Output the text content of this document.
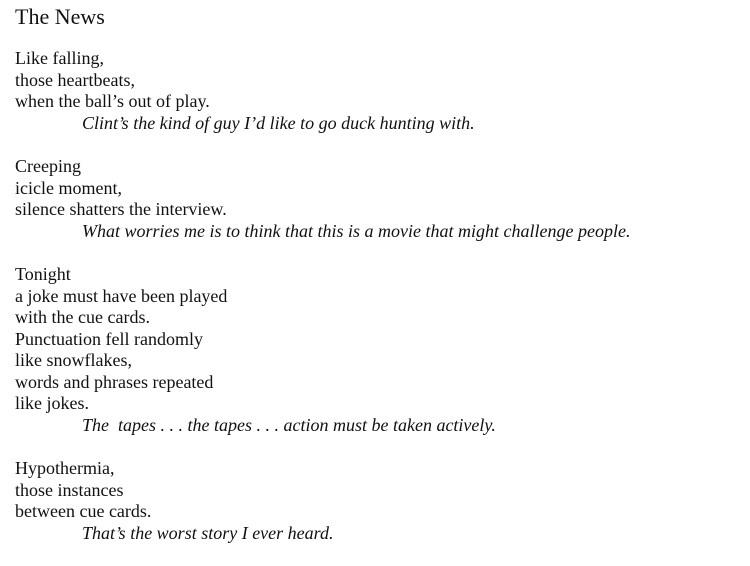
The News
Like falling,
those heartbeats,
when the ball’s out of play.
Clint’s the kind of guy I’d like to go duck hunting with.
Creeping
icicle moment,
silence shatters the interview.
What worries me is to think that this is a movie that might challenge people.
Tonight
a joke must have been played
with the cue cards.
Punctuation fell randomly
like snowflakes,
words and phrases repeated
like jokes.
The  tapes . . . the tapes . . . action must be taken actively.
Hypothermia,
those instances
between cue cards.
That’s the worst story I ever heard.
